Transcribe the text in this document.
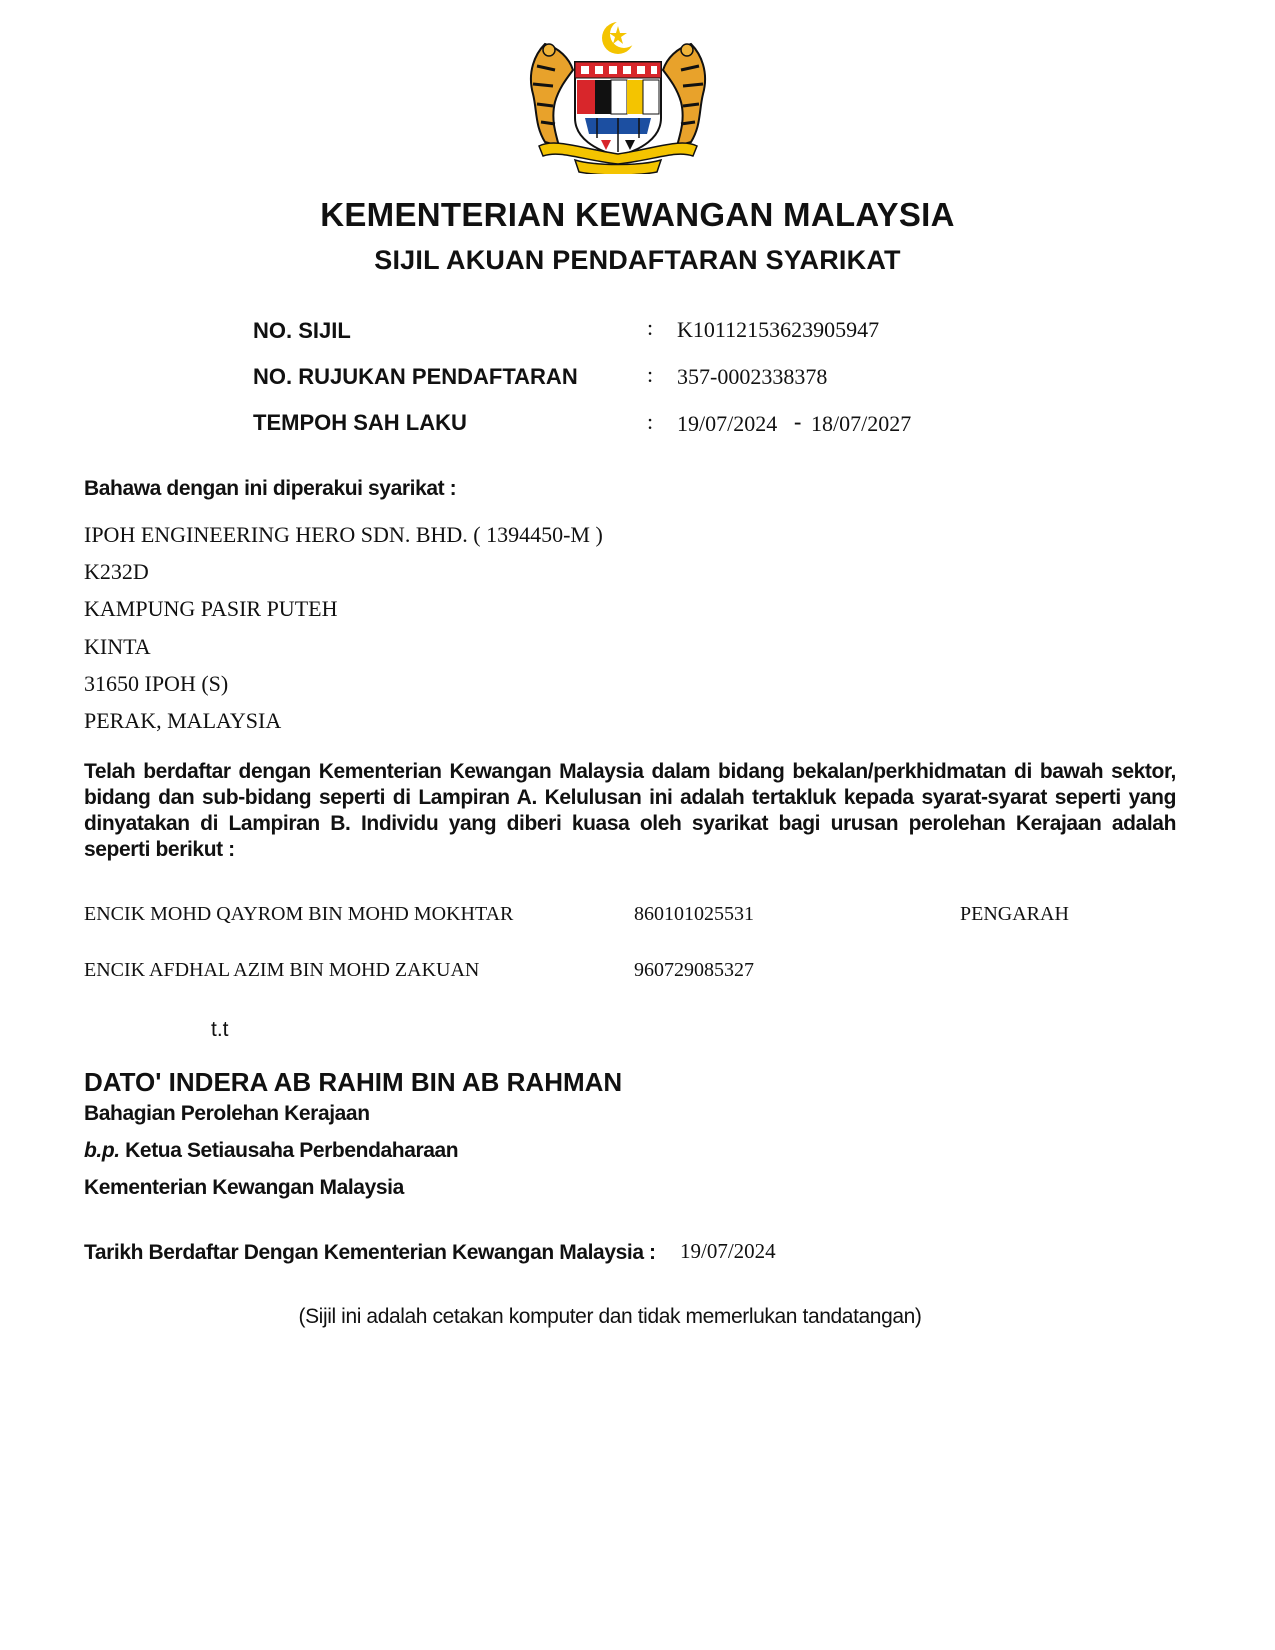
KEMENTERIAN KEWANGAN MALAYSIA
SIJIL AKUAN PENDAFTARAN SYARIKAT
NO. SIJIL	: K10112153623905947
NO. RUJUKAN PENDAFTARAN	: 357-0002338378
TEMPOH SAH LAKU	: 19/07/2024 - 18/07/2027
Bahawa dengan ini diperakui syarikat :
IPOH ENGINEERING HERO SDN. BHD. ( 1394450-M )
K232D
KAMPUNG PASIR PUTEH
KINTA
31650 IPOH (S)
PERAK, MALAYSIA
Telah berdaftar dengan Kementerian Kewangan Malaysia dalam bidang bekalan/perkhidmatan di bawah sektor, bidang dan sub-bidang seperti di Lampiran A. Kelulusan ini adalah tertakluk kepada syarat-syarat seperti yang dinyatakan di Lampiran B. Individu yang diberi kuasa oleh syarikat bagi urusan perolehan Kerajaan adalah seperti berikut :
ENCIK MOHD QAYROM BIN MOHD MOKHTAR	860101025531	PENGARAH
ENCIK AFDHAL AZIM BIN MOHD ZAKUAN	960729085327
t.t
DATO' INDERA AB RAHIM BIN AB RAHMAN
Bahagian Perolehan Kerajaan
b.p. Ketua Setiausaha Perbendaharaan
Kementerian Kewangan Malaysia
Tarikh Berdaftar Dengan Kementerian Kewangan Malaysia : 19/07/2024
(Sijil ini adalah cetakan komputer dan tidak memerlukan tandatangan)
